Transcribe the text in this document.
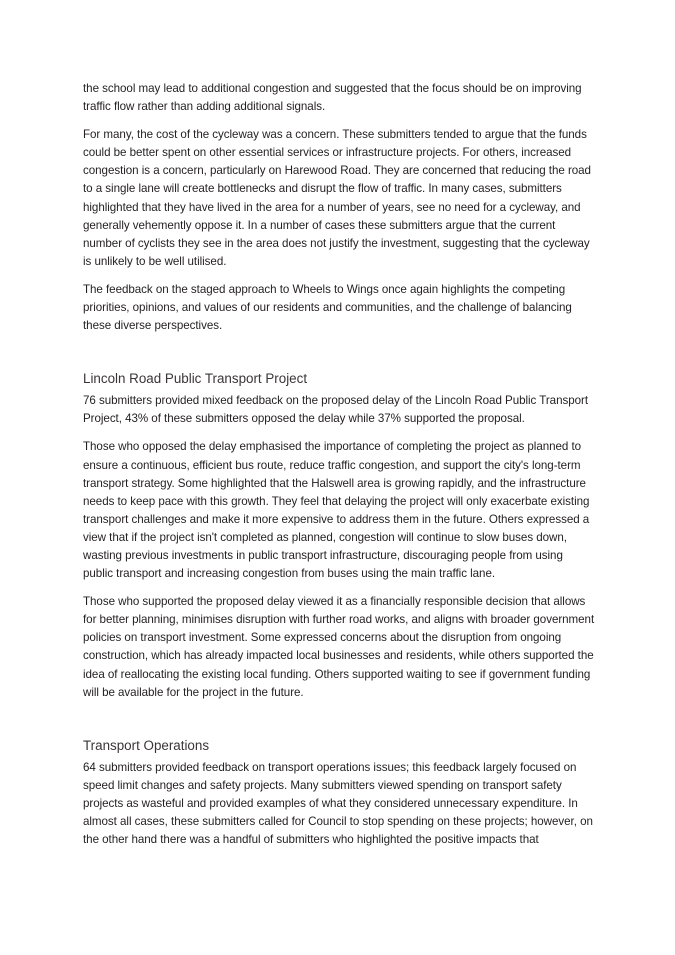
the school may lead to additional congestion and suggested that the focus should be on improving traffic flow rather than adding additional signals.

For many, the cost of the cycleway was a concern. These submitters tended to argue that the funds could be better spent on other essential services or infrastructure projects. For others, increased congestion is a concern, particularly on Harewood Road. They are concerned that reducing the road to a single lane will create bottlenecks and disrupt the flow of traffic. In many cases, submitters highlighted that they have lived in the area for a number of years, see no need for a cycleway, and generally vehemently oppose it. In a number of cases these submitters argue that the current number of cyclists they see in the area does not justify the investment, suggesting that the cycleway is unlikely to be well utilised.

The feedback on the staged approach to Wheels to Wings once again highlights the competing priorities, opinions, and values of our residents and communities, and the challenge of balancing these diverse perspectives.

Lincoln Road Public Transport Project

76 submitters provided mixed feedback on the proposed delay of the Lincoln Road Public Transport Project, 43% of these submitters opposed the delay while 37% supported the proposal.

Those who opposed the delay emphasised the importance of completing the project as planned to ensure a continuous, efficient bus route, reduce traffic congestion, and support the city's long-term transport strategy. Some highlighted that the Halswell area is growing rapidly, and the infrastructure needs to keep pace with this growth. They feel that delaying the project will only exacerbate existing transport challenges and make it more expensive to address them in the future. Others expressed a view that if the project isn't completed as planned, congestion will continue to slow buses down, wasting previous investments in public transport infrastructure, discouraging people from using public transport and increasing congestion from buses using the main traffic lane.

Those who supported the proposed delay viewed it as a financially responsible decision that allows for better planning, minimises disruption with further road works, and aligns with broader government policies on transport investment. Some expressed concerns about the disruption from ongoing construction, which has already impacted local businesses and residents, while others supported the idea of reallocating the existing local funding. Others supported waiting to see if government funding will be available for the project in the future.

Transport Operations

64 submitters provided feedback on transport operations issues; this feedback largely focused on speed limit changes and safety projects. Many submitters viewed spending on transport safety projects as wasteful and provided examples of what they considered unnecessary expenditure. In almost all cases, these submitters called for Council to stop spending on these projects; however, on the other hand there was a handful of submitters who highlighted the positive impacts that
